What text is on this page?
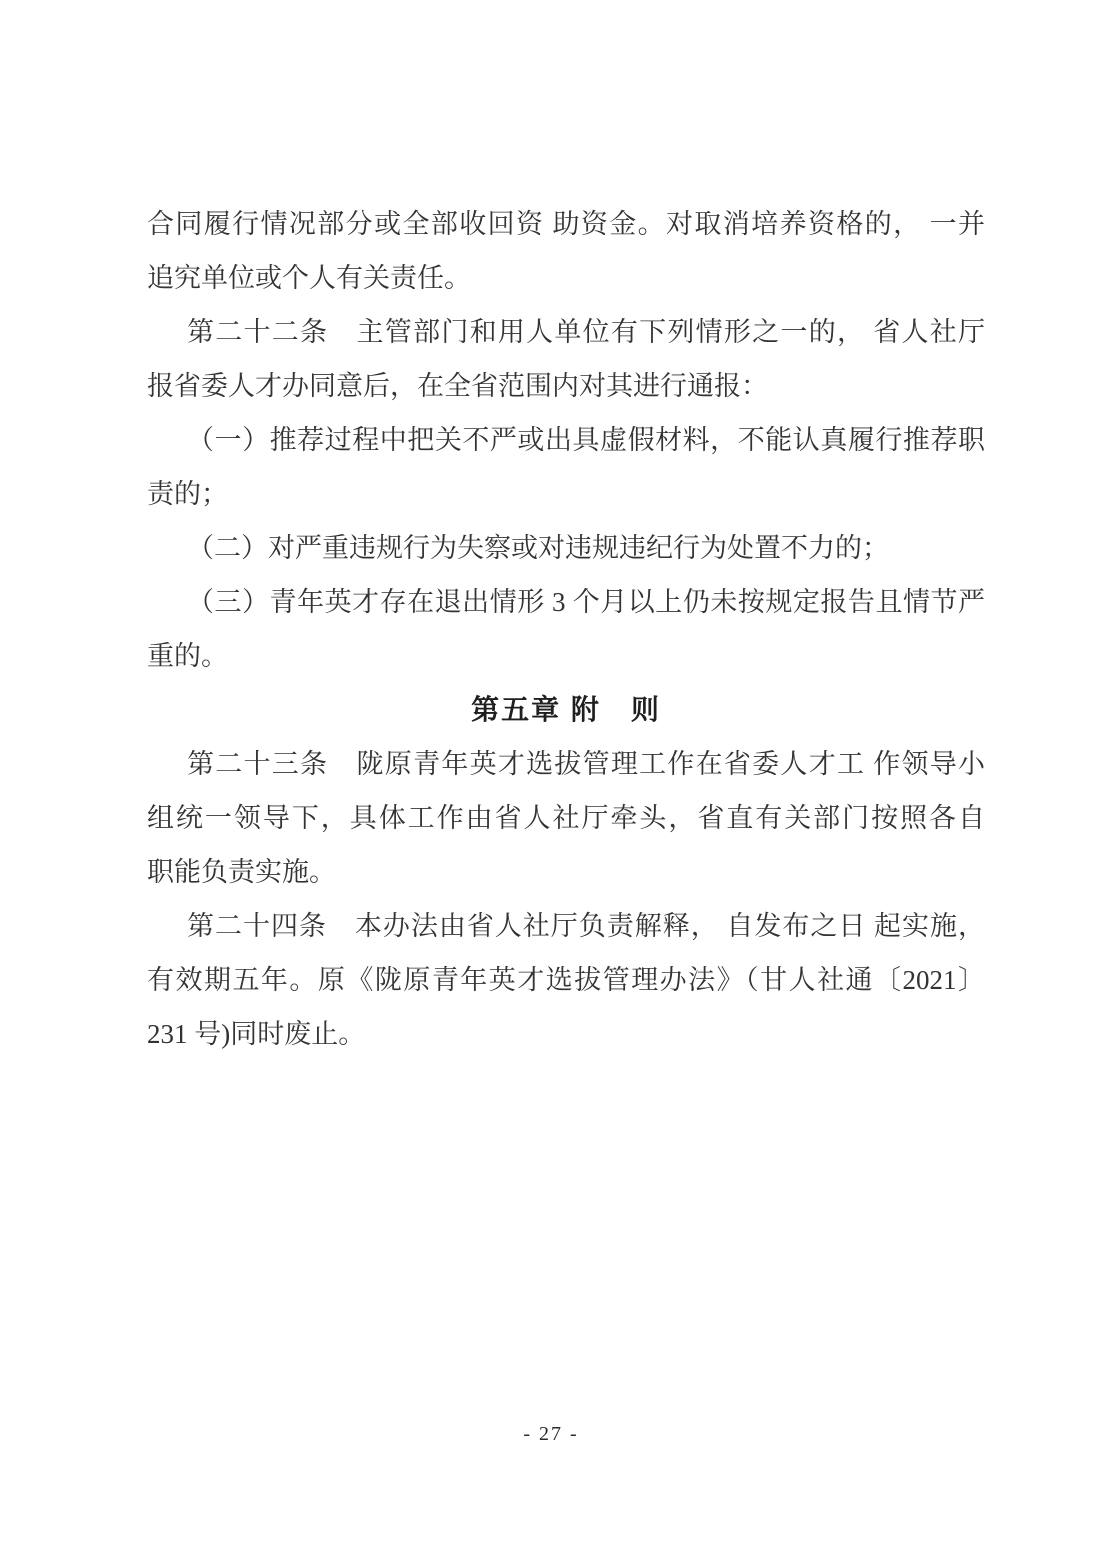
合同履行情况部分或全部收回资 助资金。对取消培养资格的， 一并
追究单位或个人有关责任。
第二十二条　主管部门和用人单位有下列情形之一的， 省人社厅
报省委人才办同意后，在全省范围内对其进行通报：
（一）推荐过程中把关不严或出具虚假材料，不能认真履行推荐职
责的；
（二）对严重违规行为失察或对违规违纪行为处置不力的；
（三）青年英才存在退出情形 3 个月以上仍未按规定报告且情节严
重的。
第五章 附　则
第二十三条　陇原青年英才选拔管理工作在省委人才工 作领导小
组统一领导下，具体工作由省人社厅牵头，省直有关部门按照各自
职能负责实施。
第二十四条　本办法由省人社厅负责解释， 自发布之日 起实施，
有效期五年。原《陇原青年英才选拔管理办法》（甘人社通〔2021〕
231 号)同时废止。
- 27 -
